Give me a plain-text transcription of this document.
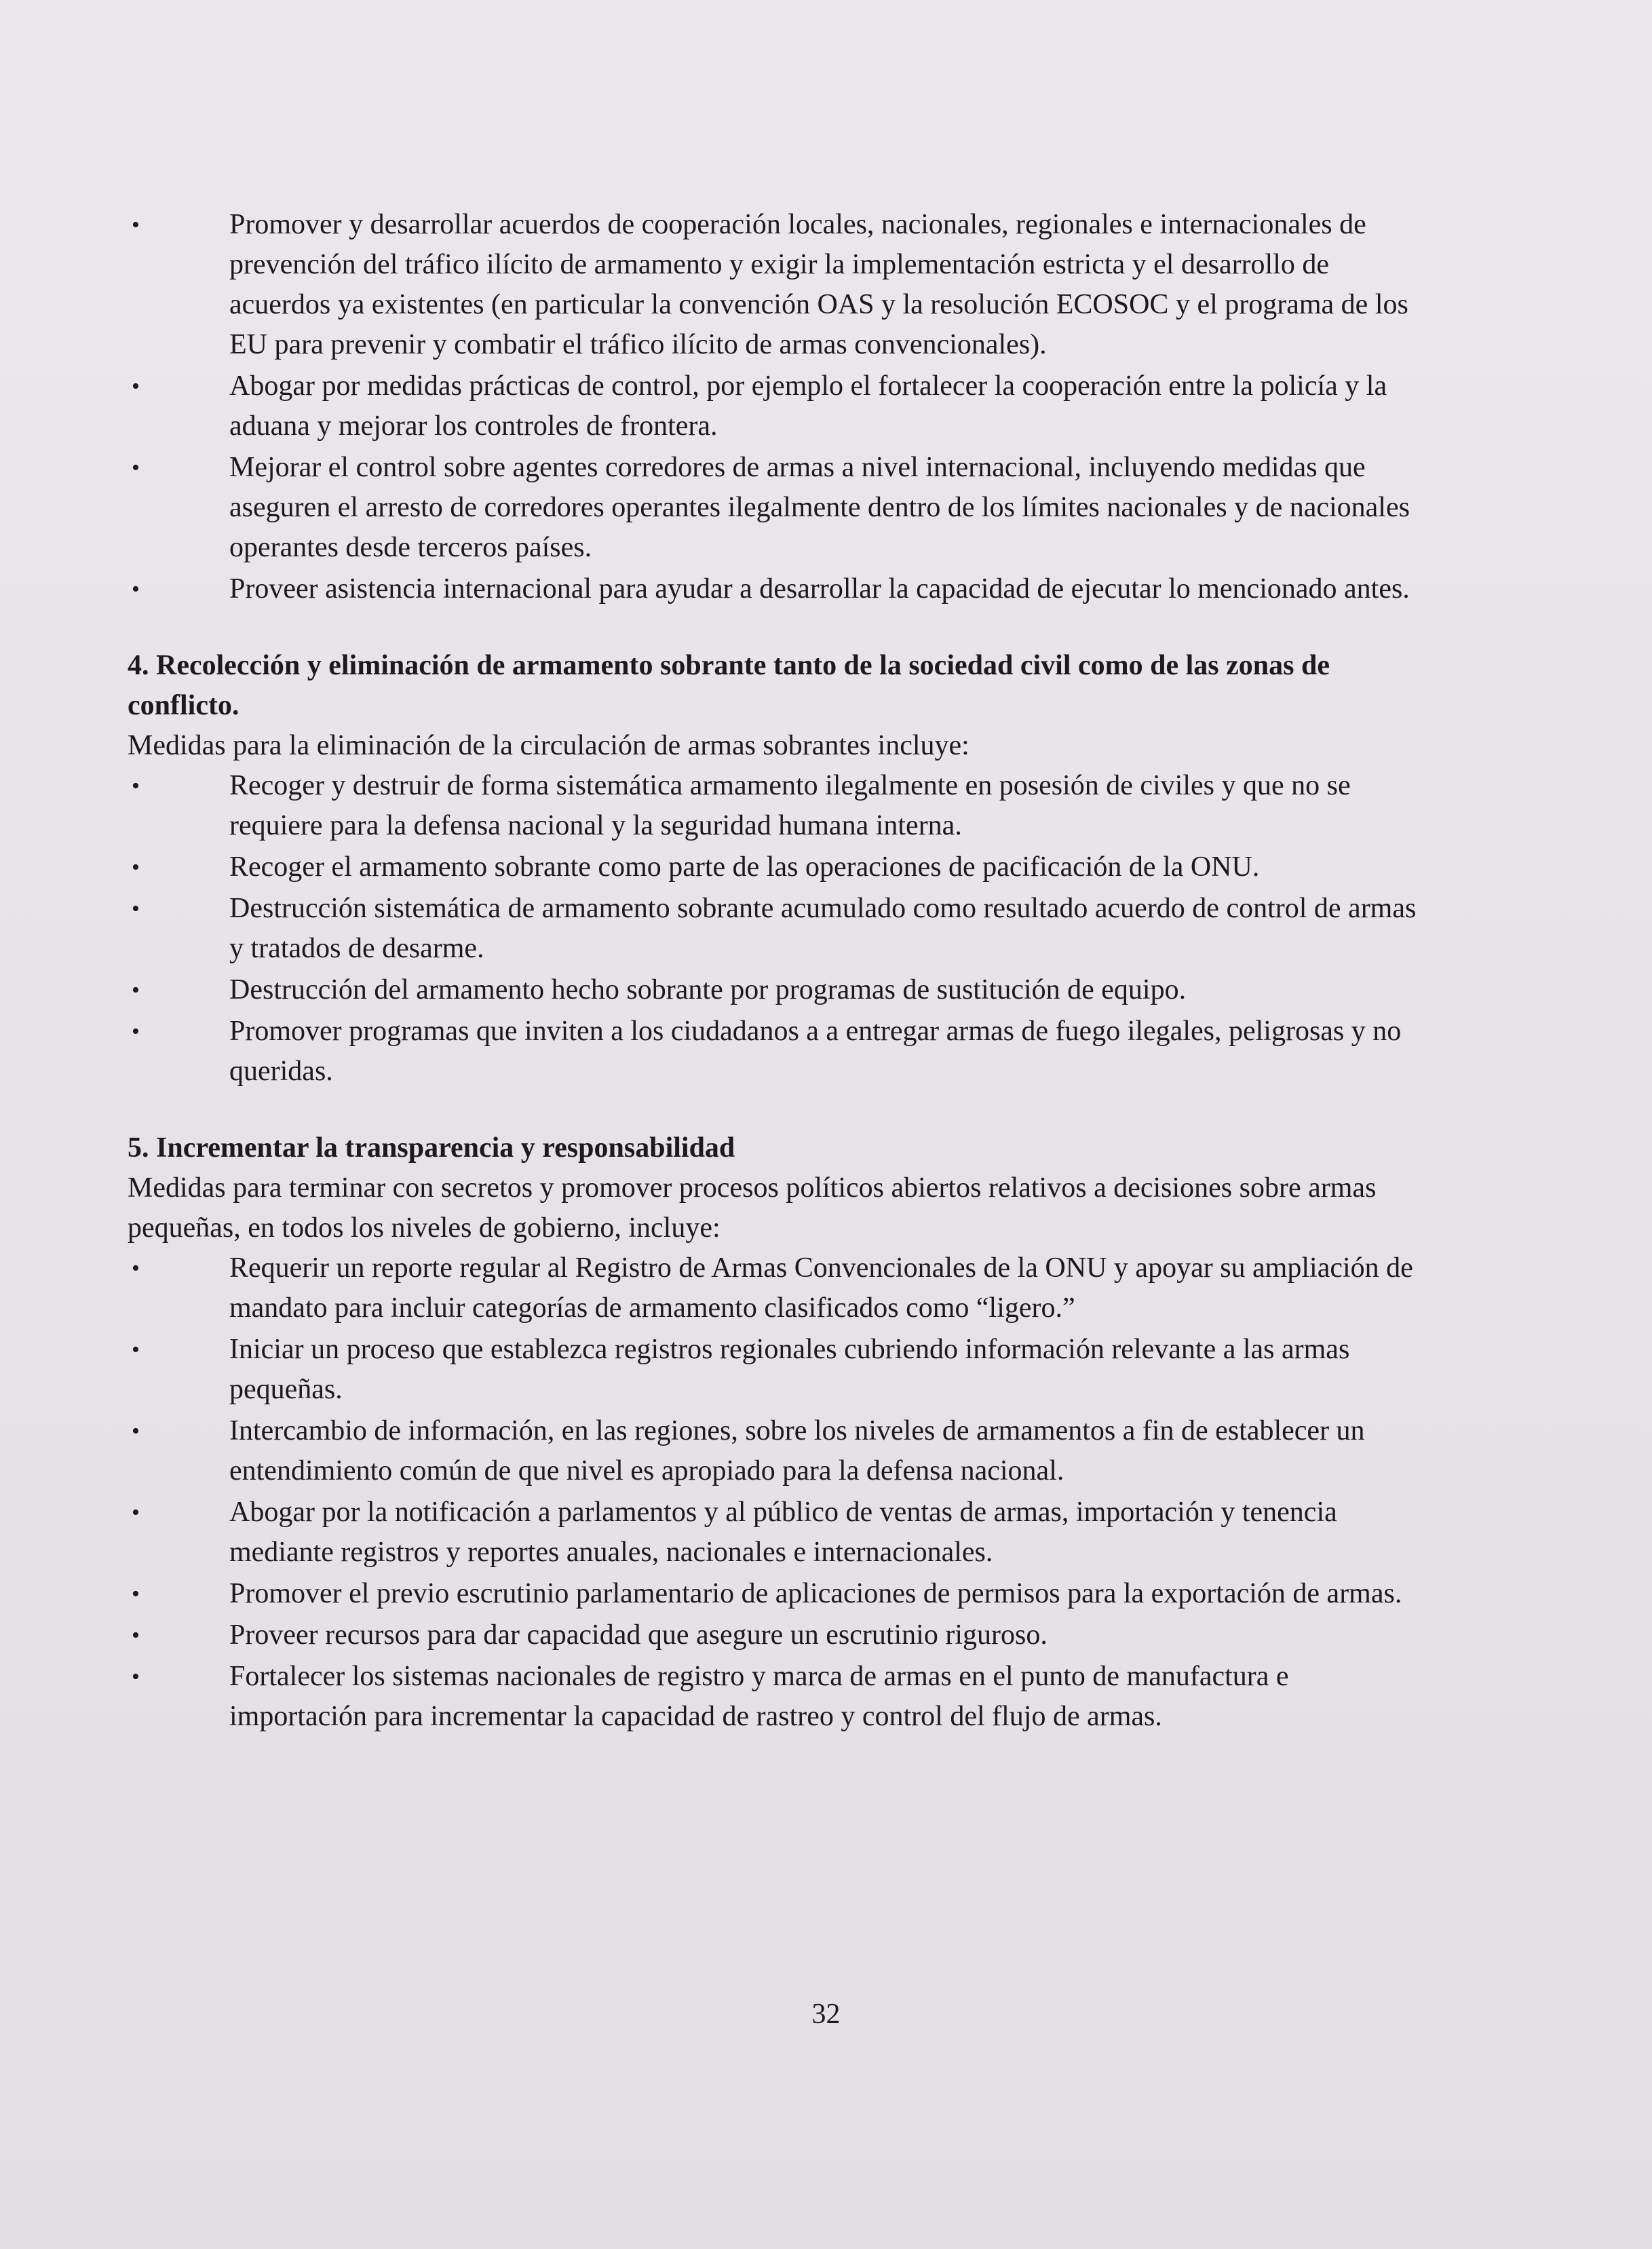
•	Promover y desarrollar acuerdos de cooperación locales, nacionales, regionales e internacionales de prevención del tráfico ilícito de armamento y exigir la implementación estricta y el desarrollo de acuerdos ya existentes (en particular la convención OAS y la resolución ECOSOC y el programa de los EU para prevenir y combatir el tráfico ilícito de armas convencionales).
•	Abogar por medidas prácticas de control, por ejemplo el fortalecer la cooperación entre la policía y la aduana y mejorar los controles de frontera.
•	Mejorar el control sobre agentes corredores de armas a nivel internacional, incluyendo medidas que aseguren el arresto de corredores operantes ilegalmente dentro de los límites nacionales y de nacionales operantes desde terceros países.
•	Proveer asistencia internacional para ayudar a desarrollar la capacidad de ejecutar lo mencionado antes.

4. Recolección y eliminación de armamento sobrante tanto de la sociedad civil como de las zonas de conflicto.

Medidas para la eliminación de la circulación de armas sobrantes incluye:

•	Recoger y destruir de forma sistemática armamento ilegalmente en posesión de civiles y que no se requiere para la defensa nacional y la seguridad humana interna.
•	Recoger el armamento sobrante como parte de las operaciones de pacificación de la ONU.
•	Destrucción sistemática de armamento sobrante acumulado como resultado acuerdo de control de armas y tratados de desarme.
•	Destrucción del armamento hecho sobrante por programas de sustitución de equipo.
•	Promover programas que inviten a los ciudadanos a a entregar armas de fuego ilegales, peligrosas y no queridas.

5. Incrementar la transparencia y responsabilidad

Medidas para terminar con secretos y promover procesos políticos abiertos relativos a decisiones sobre armas pequeñas, en todos los niveles de gobierno, incluye:

•	Requerir un reporte regular al Registro de Armas Convencionales de la ONU y apoyar su ampliación de mandato para incluir categorías de armamento clasificados como “ligero.”
•	Iniciar un proceso que establezca registros regionales cubriendo información relevante a las armas pequeñas.
•	Intercambio de información, en las regiones, sobre los niveles de armamentos a fin de establecer un entendimiento común de que nivel es apropiado para la defensa nacional.
•	Abogar por la notificación a parlamentos y al público de ventas de armas, importación y tenencia mediante registros y reportes anuales, nacionales e internacionales.
•	Promover el previo escrutinio parlamentario de aplicaciones de permisos para la exportación de armas.
•	Proveer recursos para dar capacidad que asegure un escrutinio riguroso.
•	Fortalecer los sistemas nacionales de registro y marca de armas en el punto de manufactura e importación para incrementar la capacidad de rastreo y control del flujo de armas.
32
